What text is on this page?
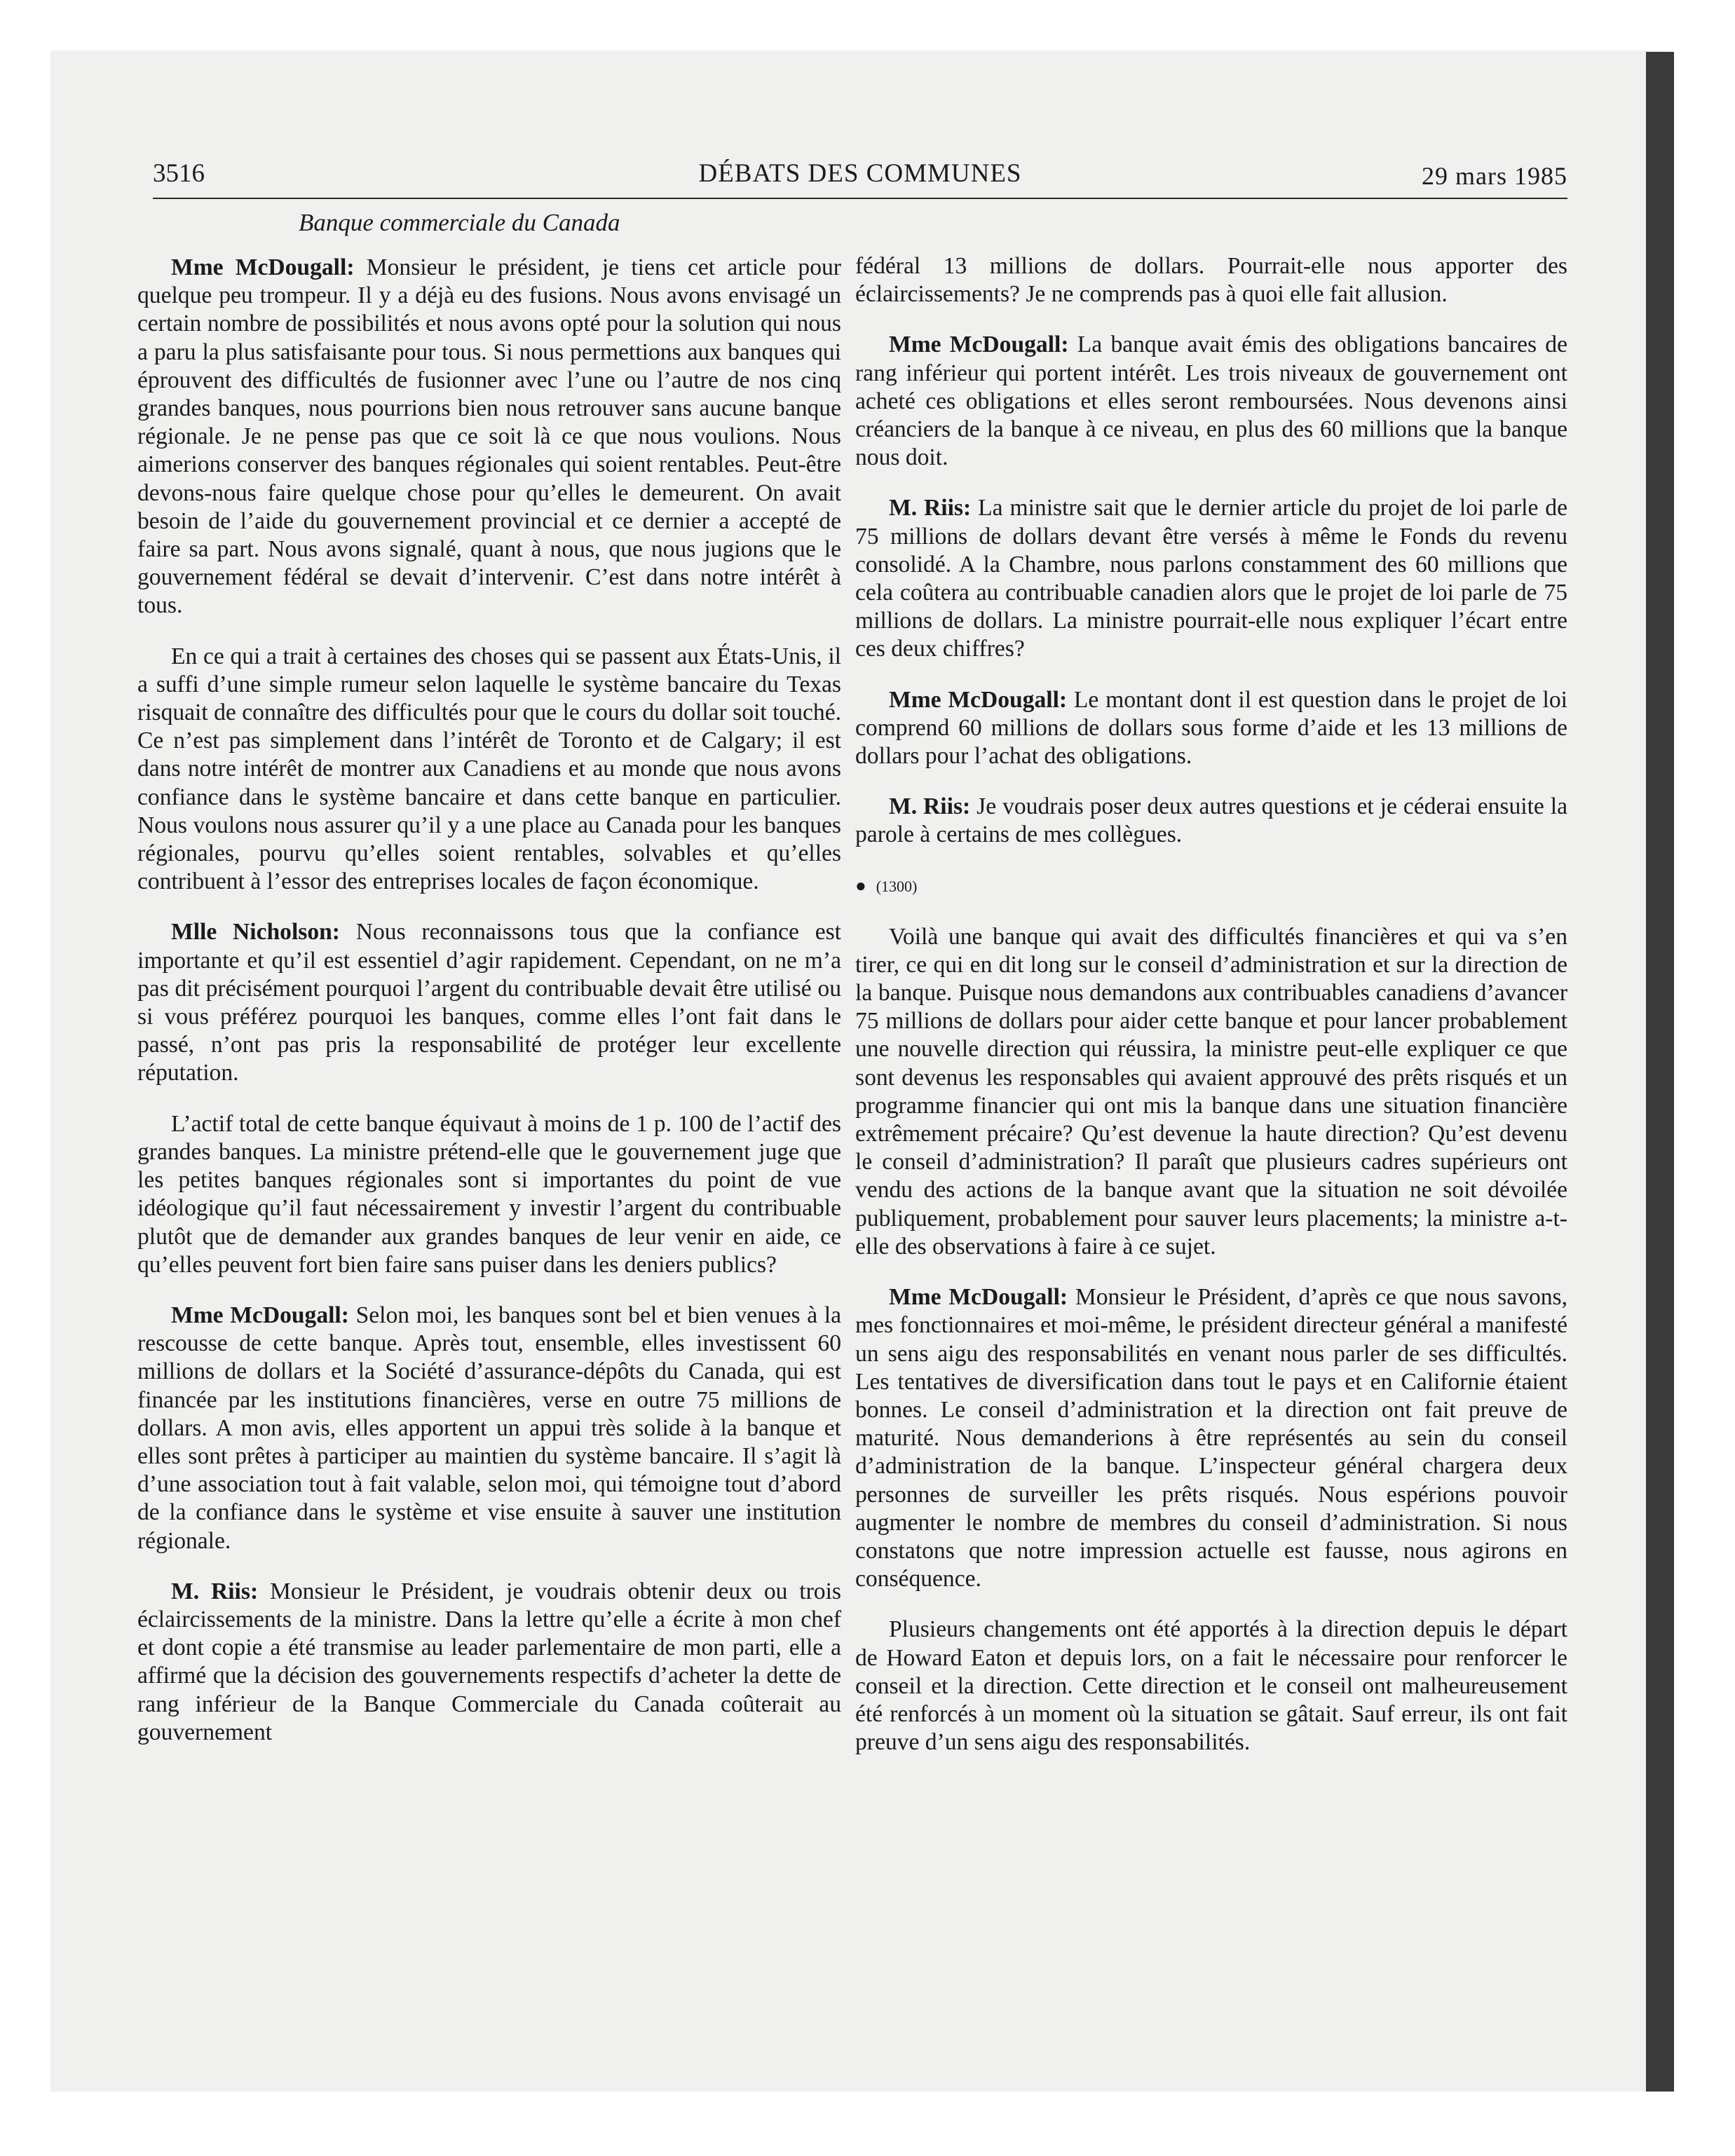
3516	DÉBATS DES COMMUNES	29 mars 1985
Banque commerciale du Canada

Mme McDougall: Monsieur le président, je tiens cet article pour quelque peu trompeur. Il y a déjà eu des fusions. Nous avons envisagé un certain nombre de possibilités et nous avons opté pour la solution qui nous a paru la plus satisfaisante pour tous. Si nous permettions aux banques qui éprouvent des difficultés de fusionner avec l’une ou l’autre de nos cinq grandes banques, nous pourrions bien nous retrouver sans aucune banque régionale. Je ne pense pas que ce soit là ce que nous voulions. Nous aimerions conserver des banques régionales qui soient rentables. Peut-être devons-nous faire quelque chose pour qu’elles le demeurent. On avait besoin de l’aide du gouvernement provincial et ce dernier a accepté de faire sa part. Nous avons signalé, quant à nous, que nous jugions que le gouvernement fédéral se devait d’intervenir. C’est dans notre intérêt à tous.

En ce qui a trait à certaines des choses qui se passent aux États-Unis, il a suffi d’une simple rumeur selon laquelle le système bancaire du Texas risquait de connaître des difficultés pour que le cours du dollar soit touché. Ce n’est pas simplement dans l’intérêt de Toronto et de Calgary; il est dans notre intérêt de montrer aux Canadiens et au monde que nous avons confiance dans le système bancaire et dans cette banque en particulier. Nous voulons nous assurer qu’il y a une place au Canada pour les banques régionales, pourvu qu’elles soient rentables, solvables et qu’elles contribuent à l’essor des entreprises locales de façon économique.

Mlle Nicholson: Nous reconnaissons tous que la confiance est importante et qu’il est essentiel d’agir rapidement. Cependant, on ne m’a pas dit précisément pourquoi l’argent du contribuable devait être utilisé ou si vous préférez pourquoi les banques, comme elles l’ont fait dans le passé, n’ont pas pris la responsabilité de protéger leur excellente réputation.

L’actif total de cette banque équivaut à moins de 1 p. 100 de l’actif des grandes banques. La ministre prétend-elle que le gouvernement juge que les petites banques régionales sont si importantes du point de vue idéologique qu’il faut nécessairement y investir l’argent du contribuable plutôt que de demander aux grandes banques de leur venir en aide, ce qu’elles peuvent fort bien faire sans puiser dans les deniers publics?

Mme McDougall: Selon moi, les banques sont bel et bien venues à la rescousse de cette banque. Après tout, ensemble, elles investissent 60 millions de dollars et la Société d’assurance-dépôts du Canada, qui est financée par les institutions financières, verse en outre 75 millions de dollars. A mon avis, elles apportent un appui très solide à la banque et elles sont prêtes à participer au maintien du système bancaire. Il s’agit là d’une association tout à fait valable, selon moi, qui témoigne tout d’abord de la confiance dans le système et vise ensuite à sauver une institution régionale.

M. Riis: Monsieur le Président, je voudrais obtenir deux ou trois éclaircissements de la ministre. Dans la lettre qu’elle a écrite à mon chef et dont copie a été transmise au leader parlementaire de mon parti, elle a affirmé que la décision des gouvernements respectifs d’acheter la dette de rang inférieur de la Banque Commerciale du Canada coûterait au gouvernement

fédéral 13 millions de dollars. Pourrait-elle nous apporter des éclaircissements? Je ne comprends pas à quoi elle fait allusion.

Mme McDougall: La banque avait émis des obligations bancaires de rang inférieur qui portent intérêt. Les trois niveaux de gouvernement ont acheté ces obligations et elles seront remboursées. Nous devenons ainsi créanciers de la banque à ce niveau, en plus des 60 millions que la banque nous doit.

M. Riis: La ministre sait que le dernier article du projet de loi parle de 75 millions de dollars devant être versés à même le Fonds du revenu consolidé. A la Chambre, nous parlons constamment des 60 millions que cela coûtera au contribuable canadien alors que le projet de loi parle de 75 millions de dollars. La ministre pourrait-elle nous expliquer l’écart entre ces deux chiffres?

Mme McDougall: Le montant dont il est question dans le projet de loi comprend 60 millions de dollars sous forme d’aide et les 13 millions de dollars pour l’achat des obligations.

M. Riis: Je voudrais poser deux autres questions et je céderai ensuite la parole à certains de mes collègues.

● (1300)

Voilà une banque qui avait des difficultés financières et qui va s’en tirer, ce qui en dit long sur le conseil d’administration et sur la direction de la banque. Puisque nous demandons aux contribuables canadiens d’avancer 75 millions de dollars pour aider cette banque et pour lancer probablement une nouvelle direction qui réussira, la ministre peut-elle expliquer ce que sont devenus les responsables qui avaient approuvé des prêts risqués et un programme financier qui ont mis la banque dans une situation financière extrêmement précaire? Qu’est devenue la haute direction? Qu’est devenu le conseil d’administration? Il paraît que plusieurs cadres supérieurs ont vendu des actions de la banque avant que la situation ne soit dévoilée publiquement, probablement pour sauver leurs placements; la ministre a-t-elle des observations à faire à ce sujet.

Mme McDougall: Monsieur le Président, d’après ce que nous savons, mes fonctionnaires et moi-même, le président directeur général a manifesté un sens aigu des responsabilités en venant nous parler de ses difficultés. Les tentatives de diversification dans tout le pays et en Californie étaient bonnes. Le conseil d’administration et la direction ont fait preuve de maturité. Nous demanderions à être représentés au sein du conseil d’administration de la banque. L’inspecteur général chargera deux personnes de surveiller les prêts risqués. Nous espérions pouvoir augmenter le nombre de membres du conseil d’administration. Si nous constatons que notre impression actuelle est fausse, nous agirons en conséquence.

Plusieurs changements ont été apportés à la direction depuis le départ de Howard Eaton et depuis lors, on a fait le nécessaire pour renforcer le conseil et la direction. Cette direction et le conseil ont malheureusement été renforcés à un moment où la situation se gâtait. Sauf erreur, ils ont fait preuve d’un sens aigu des responsabilités.
